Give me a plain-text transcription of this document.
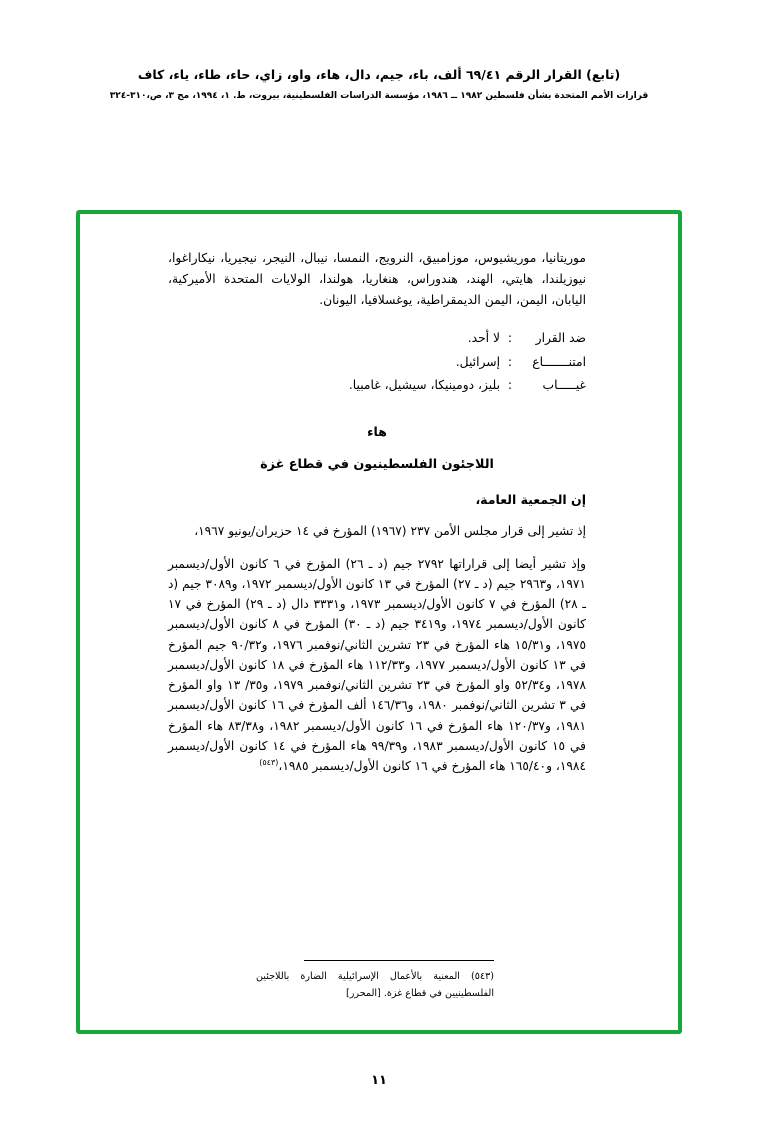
(تابع) القرار الرقم ٦٩/٤١ ألف، باء، جيم، دال، هاء، واو، زاي، حاء، طاء، ياء، كاف
قرارات الأمم المتحدة بشأن فلسطين ١٩٨٢ ــ ١٩٨٦، مؤسسة الدراسات الفلسطينية، بيروت، ط. ١، ١٩٩٤، مج ٣، ص،٣١٠-٣٢٤

موريتانيا، موريشيوس، موزامبيق، النرويج، النمسا، نيبال، النيجر، نيجيريا، نيكاراغوا، نيوزيلندا، هايتي، الهند، هندوراس، هنغاريا، هولندا، الولايات المتحدة الأميركية، اليابان، اليمن، اليمن الديمقراطية، يوغسلافيا، اليونان.

ضد القرار:  لا أحد.

امتنـــــــاع:  إسرائيل.

غيـــــاب:  بليز، دومينيكا، سيشيل، غامبيا.

هاء
اللاجئون الفلسطينيون في قطاع غزة

إن الجمعية العامة،

إذ تشير إلى قرار مجلس الأمن ٢٣٧ (١٩٦٧) المؤرخ في ١٤ حزيران/يونيو ١٩٦٧،

وإذ تشير أيضا إلى قراراتها ٢٧٩٢ جيم (د ـ ٢٦) المؤرخ في ٦ كانون الأول/ديسمبر ١٩٧١، و٢٩٦٣ جيم (د ـ ٢٧) المؤرخ في ١٣ كانون الأول/ديسمبر ١٩٧٢، و٣٠٨٩ جيم (د ـ ٢٨) المؤرخ في ٧ كانون الأول/ديسمبر ١٩٧٣، و٣٣٣١ دال (د ـ ٢٩) المؤرخ في ١٧ كانون الأول/ديسمبر ١٩٧٤، و٣٤١٩ جيم (د ـ ٣٠) المؤرخ في ٨ كانون الأول/ديسمبر ١٩٧٥، و١٥/٣١ هاء المؤرخ في ٢٣ تشرين الثاني/نوفمبر ١٩٧٦، و٩٠/٣٢ جيم المؤرخ في ١٣ كانون الأول/ديسمبر ١٩٧٧، و١١٢/٣٣ هاء المؤرخ في ١٨ كانون الأول/ديسمبر ١٩٧٨، و٥٢/٣٤ واو المؤرخ في ٢٣ تشرين الثاني/نوفمبر ١٩٧٩، و٣٥/ ١٣ واو المؤرخ في ٣ تشرين الثاني/نوفمبر ١٩٨٠، و١٤٦/٣٦ ألف المؤرخ في ١٦ كانون الأول/ديسمبر ١٩٨١، و١٢٠/٣٧ هاء المؤرخ في ١٦ كانون الأول/ديسمبر ١٩٨٢، و٨٣/٣٨ هاء المؤرخ في ١٥ كانون الأول/ديسمبر ١٩٨٣، و٩٩/٣٩ هاء المؤرخ في ١٤ كانون الأول/ديسمبر ١٩٨٤، و١٦٥/٤٠ هاء المؤرخ في ١٦ كانون الأول/ديسمبر ١٩٨٥،$^{(٥٤٣)}$

(٥٤٣) المعنية بالأعمال الإسرائيلية الضارة باللاجئين الفلسطينيين في قطاع غزة. [المحرر]

١١
